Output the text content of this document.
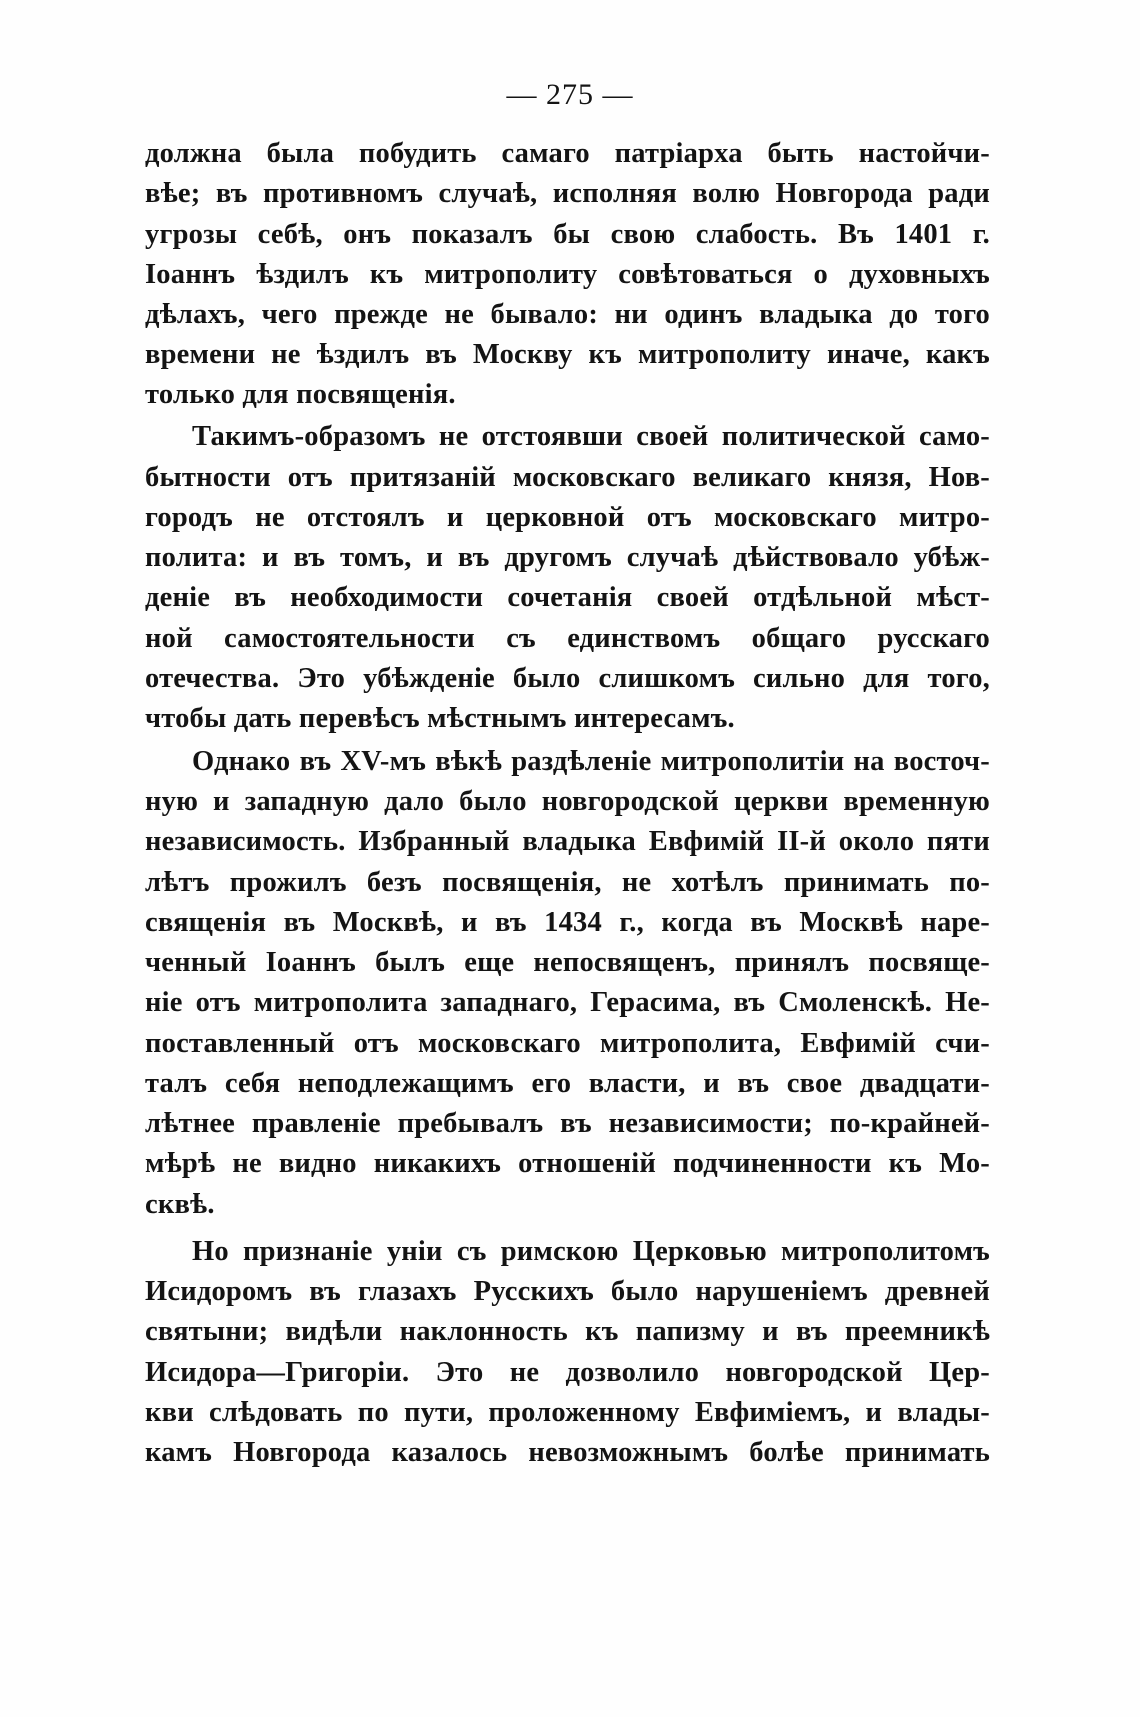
— 275 —
должна была побудить самаго патріарха быть настойчи-
вѣе; въ противномъ случаѣ, исполняя волю Новгорода ради
угрозы себѣ, онъ показалъ бы свою слабость. Въ 1401 г.
Іоаннъ ѣздилъ къ митрополиту совѣтоваться о духовныхъ
дѣлахъ, чего прежде не бывало: ни одинъ владыка до того
времени не ѣздилъ въ Москву къ митрополиту иначе, какъ
только для посвященія.
Такимъ-образомъ не отстоявши своей политической само-
бытности отъ притязаній московскаго великаго князя, Нов-
городъ не отстоялъ и церковной отъ московскаго митро-
полита: и въ томъ, и въ другомъ случаѣ дѣйствовало убѣж-
деніе въ необходимости сочетанія своей отдѣльной мѣст-
ной самостоятельности съ единствомъ общаго русскаго
отечества. Это убѣжденіе было слишкомъ сильно для того,
чтобы дать перевѣсъ мѣстнымъ интересамъ.
Однако въ XV-мъ вѣкѣ раздѣленіе митрополитіи на восточ-
ную и западную дало было новгородской церкви временную
независимость. Избранный владыка Евфимій II-й около пяти
лѣтъ прожилъ безъ посвященія, не хотѣлъ принимать по-
священія въ Москвѣ, и въ 1434 г., когда въ Москвѣ наре-
ченный Іоаннъ былъ еще непосвященъ, принялъ посвяще-
ніе отъ митрополита западнаго, Герасима, въ Смоленскѣ. Не-
поставленный отъ московскаго митрополита, Евфимій счи-
талъ себя неподлежащимъ его власти, и въ свое двадцати-
лѣтнее правленіе пребывалъ въ независимости; по-крайней-
мѣрѣ не видно никакихъ отношеній подчиненности къ Мо-
сквѣ.
Но признаніе уніи съ римскою Церковью митрополитомъ
Исидоромъ въ глазахъ Русскихъ было нарушеніемъ древней
святыни; видѣли наклонность къ папизму и въ преемникѣ
Исидора—Григоріи. Это не дозволило новгородской Цер-
кви слѣдовать по пути, проложенному Евфиміемъ, и влады-
камъ Новгорода казалось невозможнымъ болѣе принимать
